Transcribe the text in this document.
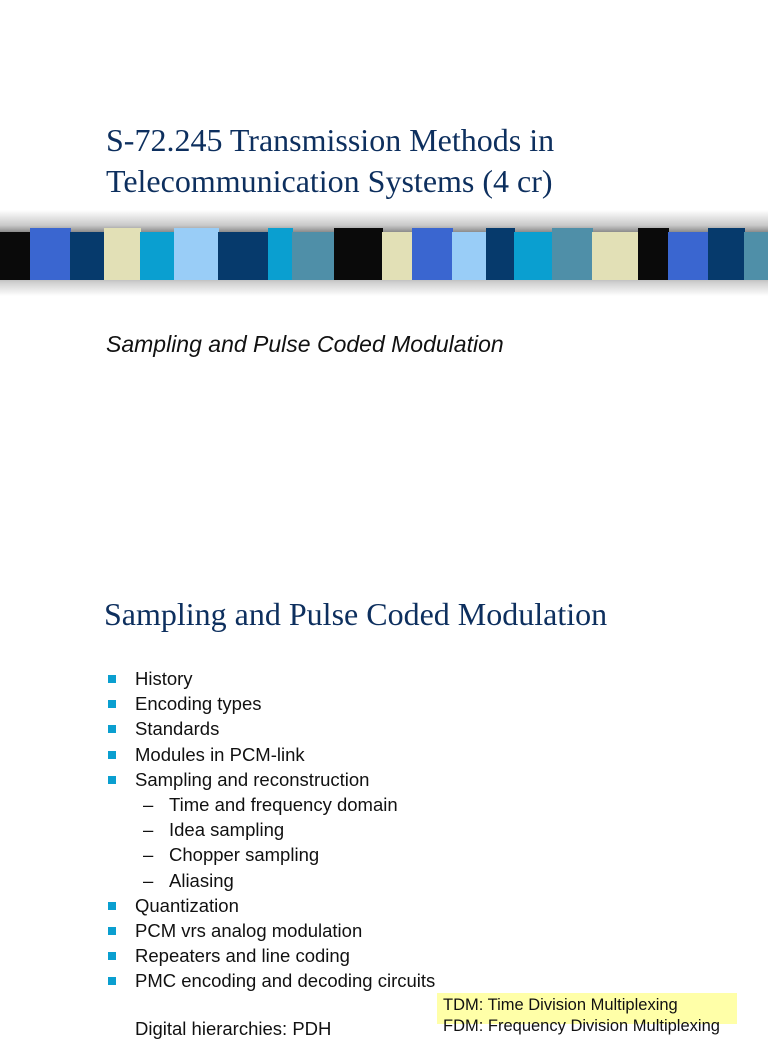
S-72.245 Transmission Methods in
Telecommunication Systems (4 cr)

Sampling and Pulse Coded Modulation

Sampling and Pulse Coded Modulation
History
Encoding types
Standards
Modules in PCM-link
Sampling and reconstruction
– Time and frequency domain
– Idea sampling
– Chopper sampling
– Aliasing
Quantization
PCM vrs analog modulation
Repeaters and line coding
PMC encoding and decoding circuits
Digital hierarchies: PDH
TDM: Time Division Multiplexing
FDM: Frequency Division Multiplexing
